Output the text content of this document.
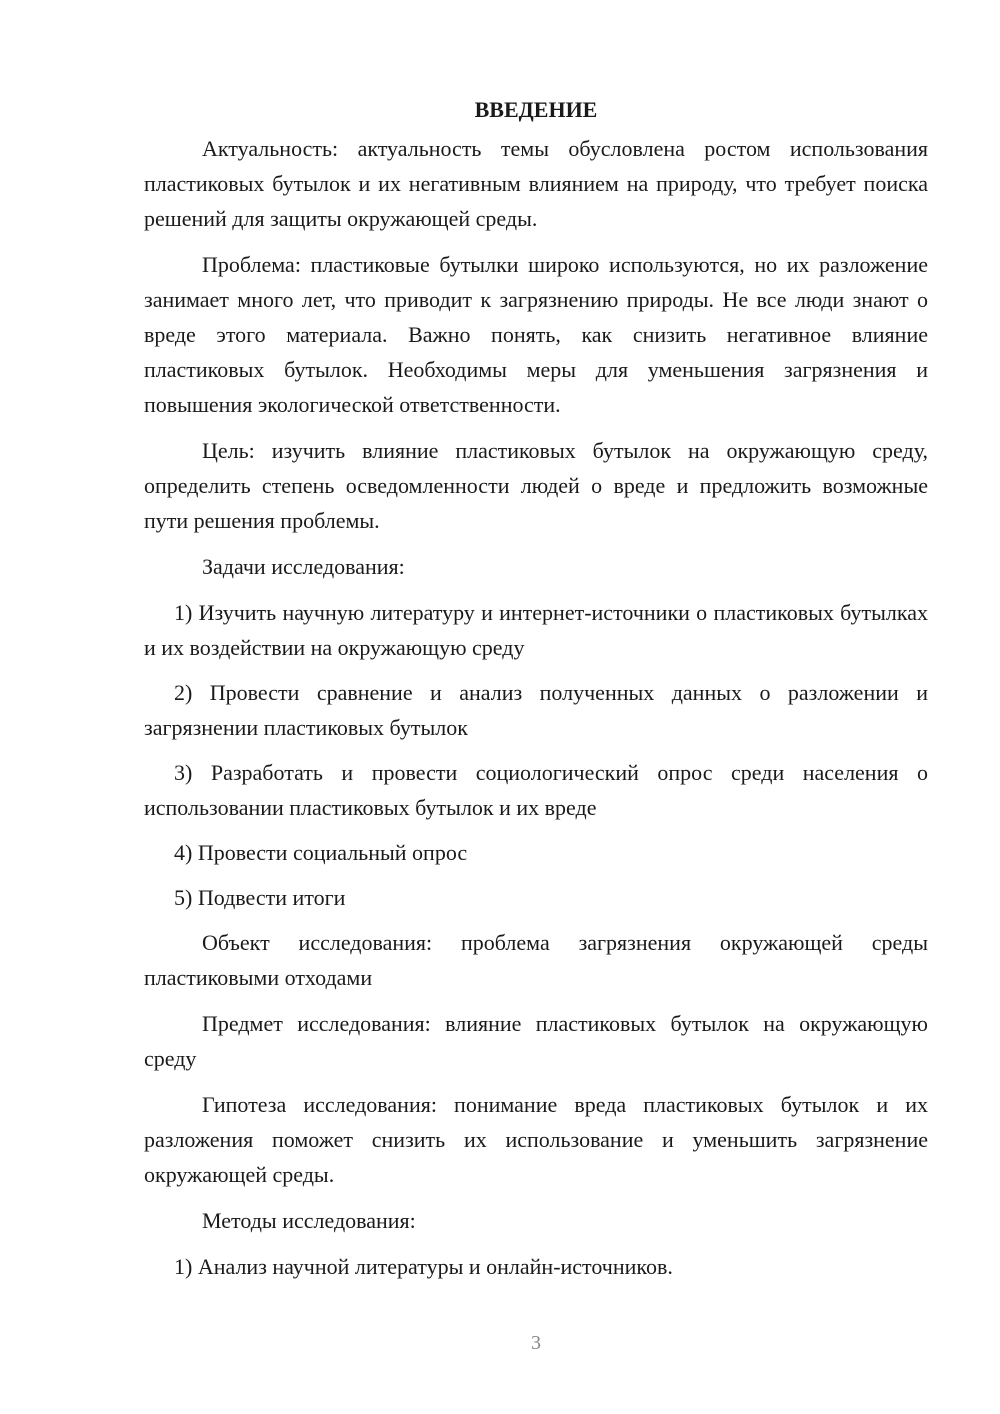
ВВЕДЕНИЕ

Актуальность: актуальность темы обусловлена ростом использования пластиковых бутылок и их негативным влиянием на природу, что требует поиска решений для защиты окружающей среды.

Проблема: пластиковые бутылки широко используются, но их разложение занимает много лет, что приводит к загрязнению природы. Не все люди знают о вреде этого материала. Важно понять, как снизить негативное влияние пластиковых бутылок. Необходимы меры для уменьшения загрязнения и повышения экологической ответственности.

Цель: изучить влияние пластиковых бутылок на окружающую среду, определить степень осведомленности людей о вреде и предложить возможные пути решения проблемы.

Задачи исследования:

1) Изучить научную литературу и интернет-источники о пластиковых бутылках и их воздействии на окружающую среду

2) Провести сравнение и анализ полученных данных о разложении и загрязнении пластиковых бутылок

3) Разработать и провести социологический опрос среди населения о использовании пластиковых бутылок и их вреде

4) Провести социальный опрос

5) Подвести итоги

Объект исследования: проблема загрязнения окружающей среды пластиковыми отходами

Предмет исследования: влияние пластиковых бутылок на окружающую среду

Гипотеза исследования: понимание вреда пластиковых бутылок и их разложения поможет снизить их использование и уменьшить загрязнение окружающей среды.

Методы исследования:

1) Анализ научной литературы и онлайн-источников.

3
